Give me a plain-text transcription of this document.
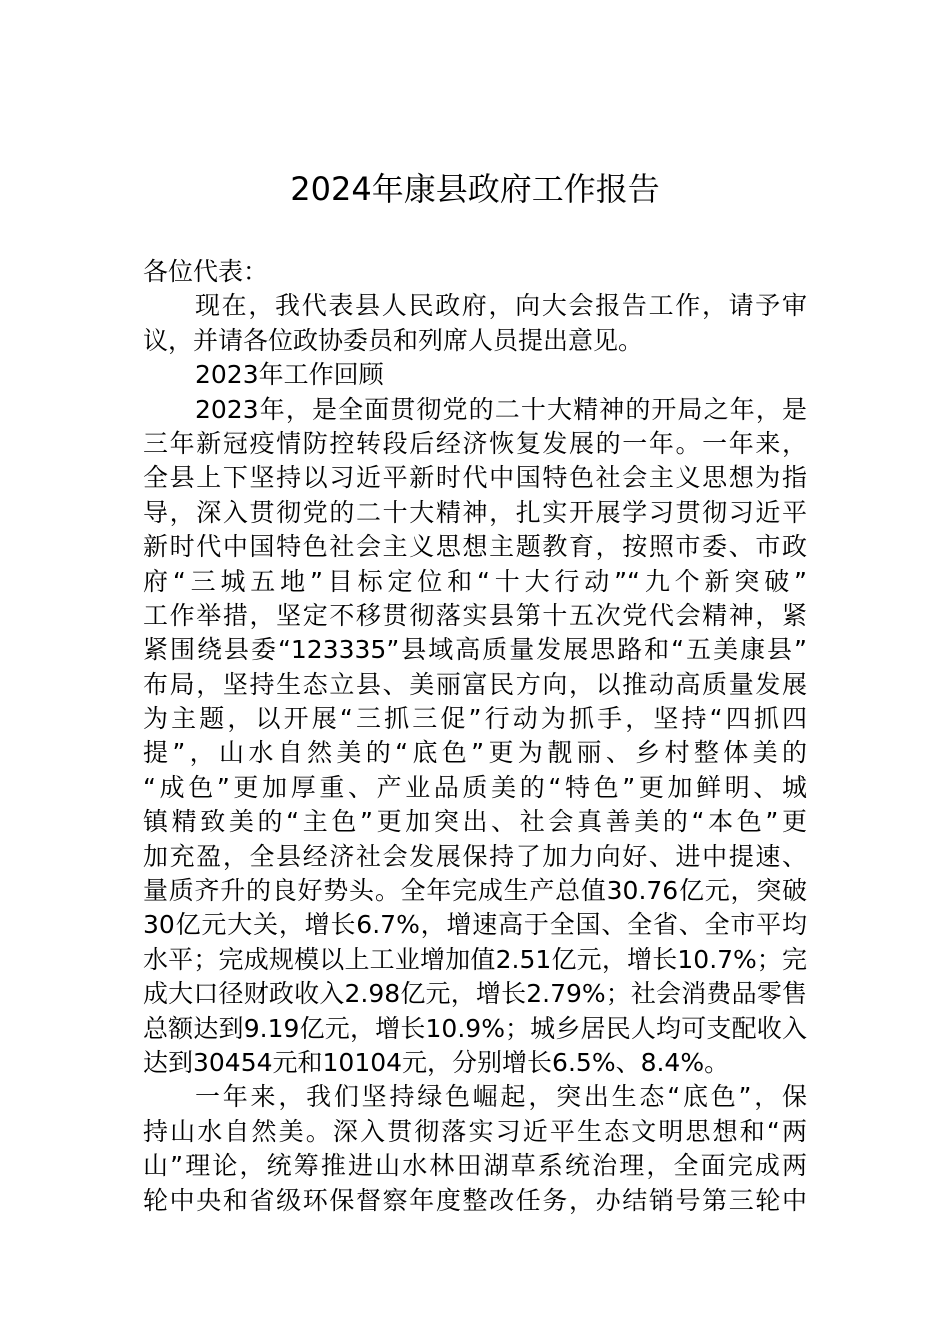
2024年康县政府工作报告
各位代表：
现在，我代表县人民政府，向大会报告工作，请予审
议，并请各位政协委员和列席人员提出意见。
2023年工作回顾
2023年，是全面贯彻党的二十大精神的开局之年，是
三年新冠疫情防控转段后经济恢复发展的一年。一年来，
全县上下坚持以习近平新时代中国特色社会主义思想为指
导，深入贯彻党的二十大精神，扎实开展学习贯彻习近平
新时代中国特色社会主义思想主题教育，按照市委、市政
府“三城五地”目标定位和“十大行动”“九个新突破”
工作举措，坚定不移贯彻落实县第十五次党代会精神，紧
紧围绕县委“123335”县域高质量发展思路和“五美康县”
布局，坚持生态立县、美丽富民方向，以推动高质量发展
为主题，以开展“三抓三促”行动为抓手，坚持“四抓四
提”，山水自然美的“底色”更为靓丽、乡村整体美的
“成色”更加厚重、产业品质美的“特色”更加鲜明、城
镇精致美的“主色”更加突出、社会真善美的“本色”更
加充盈，全县经济社会发展保持了加力向好、进中提速、
量质齐升的良好势头。全年完成生产总值30.76亿元，突破
30亿元大关，增长6.7%，增速高于全国、全省、全市平均
水平；完成规模以上工业增加值2.51亿元，增长10.7%；完
成大口径财政收入2.98亿元，增长2.79%；社会消费品零售
总额达到9.19亿元，增长10.9%；城乡居民人均可支配收入
达到30454元和10104元，分别增长6.5%、8.4%。
一年来，我们坚持绿色崛起，突出生态“底色”，保
持山水自然美。深入贯彻落实习近平生态文明思想和“两
山”理论，统筹推进山水林田湖草系统治理，全面完成两
轮中央和省级环保督察年度整改任务，办结销号第三轮中
